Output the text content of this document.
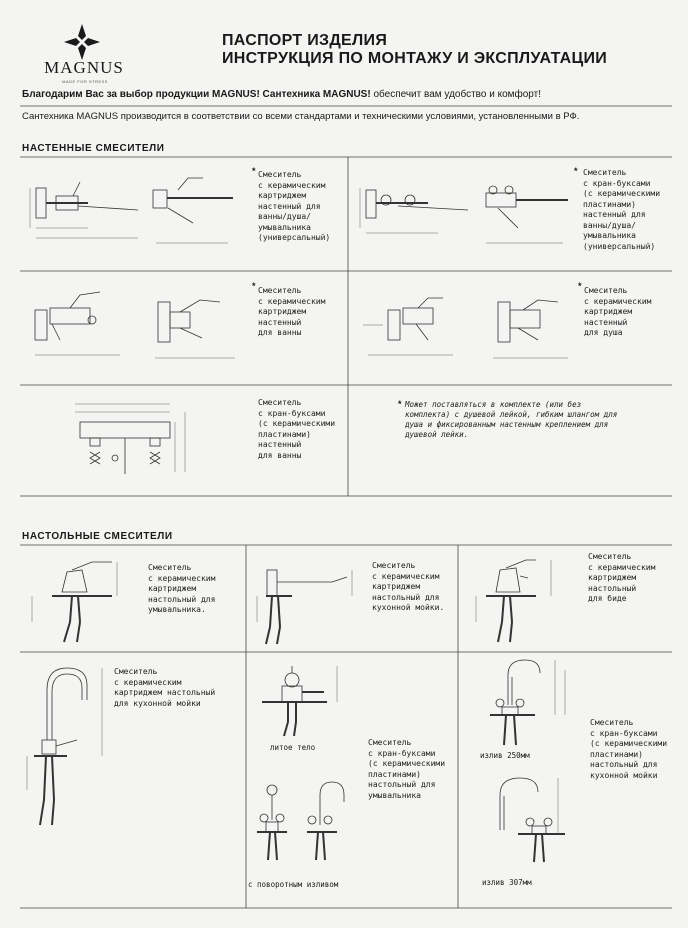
MAGNUS
MADE FOR STRESS
ПАСПОРТ ИЗДЕЛИЯ
ИНСТРУКЦИЯ ПО МОНТАЖУ И ЭКСПЛУАТАЦИИ
Благодарим Вас за выбор продукции MAGNUS! Сантехника MAGNUS! обеспечит вам удобство и комфорт!
Сантехника MAGNUS производится в соответствии со всеми стандартами и техническими условиями, установленными в РФ.
НАСТЕННЫЕ СМЕСИТЕЛИ
НАСТОЛЬНЫЕ СМЕСИТЕЛИ
* Смеситель
с керамическим
картриджем
настенный для
ванны/душа/
умывальника
(универсальный)
* Смеситель
с кран-буксами
(с керамическими
пластинами)
настенный для
ванны/душа/
умывальника
(универсальный)
* Смеситель
с керамическим
картриджем
настенный
для ванны
* Смеситель
с керамическим
картриджем
настенный
для душа
Смеситель
с кран-буксами
(с керамическими
пластинами)
настенный
для ванны
* Может поставляться в комплекте (или без
комплекта) с душевой лейкой, гибким шлангом для
душа и фиксированным настенным креплением для
душевой лейки.
Смеситель
с керамическим
картриджем
настольный для
умывальника.
Смеситель
с керамическим
картриджем
настольный для
кухонной мойки.
Смеситель
с керамическим
картриджем
настольный
для биде
Смеситель
с керамическим
картриджем настольный
для кухонной мойки
литое тело
с поворотным изливом
Смеситель
с кран-буксами
(с керамическими
пластинами)
настольный для
умывальника
излив 250мм
излив 307мм
Смеситель
с кран-буксами
(с керамическими
пластинами)
настольный для
кухонной мойки
